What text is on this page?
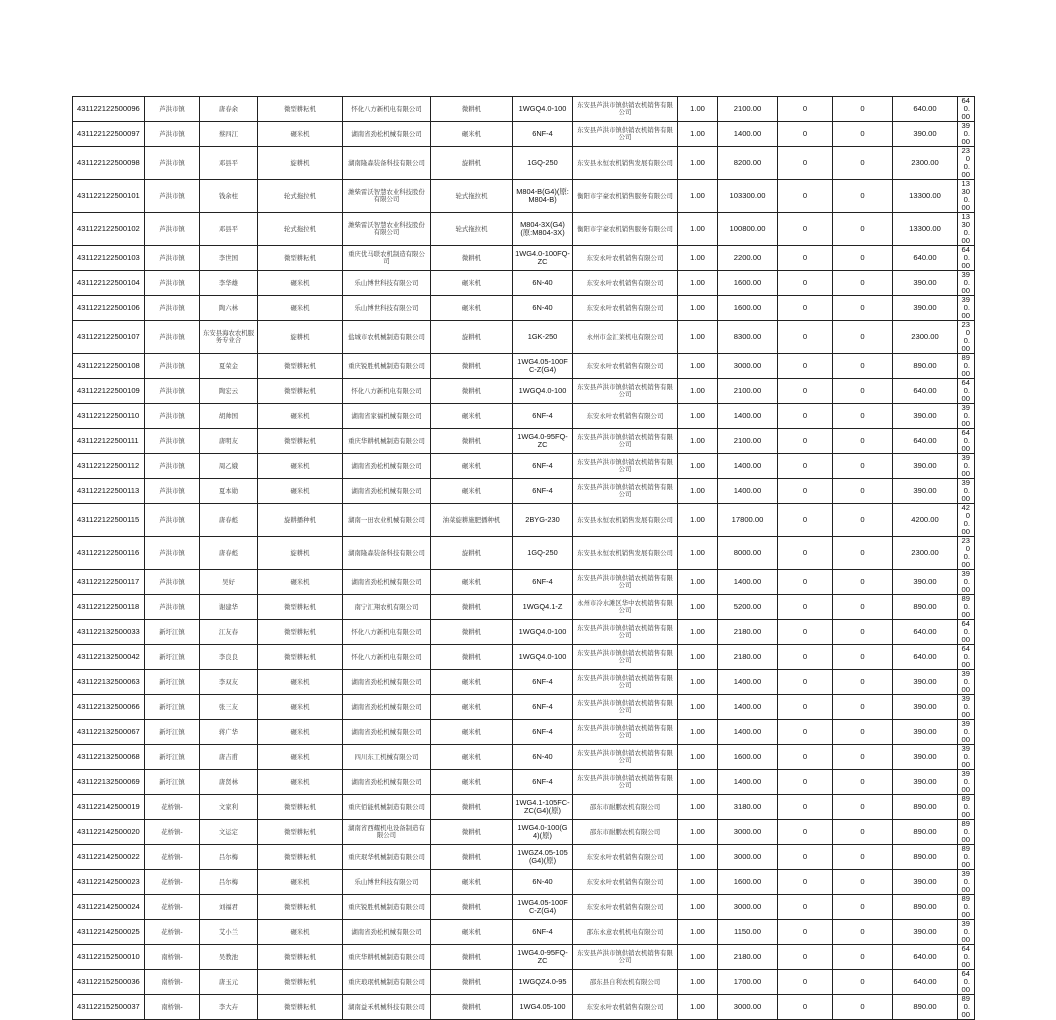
431122122500096	芦洪市镇	唐春余	微型耕耘机	怀化八方新机电有限公司	微耕机	1WGQ4.0-100	东安县芦洪市镇供销农机销售有限公司	1.00	2100.00	0	0	640.00	640.00
431122122500097	芦洪市镇	蔡四江	碾米机	湖南省劲松机械有限公司	碾米机	6NF-4	东安县芦洪市镇供销农机销售有限公司	1.00	1400.00	0	0	390.00	390.00
431122122500098	芦洪市镇	邓县平	旋耕机	湖南隆森装备科技有限公司	旋耕机	1GQ-250	东安县永恒农机销售发展有限公司	1.00	8200.00	0	0	2300.00	2300.00
431122122500101	芦洪市镇	钱余柱	轮式拖拉机	潍柴雷沃智慧农业科技股份有限公司	轮式拖拉机	M804-B(G4)(原:M804-B)	衡阳市宇豪农机销售服务有限公司	1.00	103300.00	0	0	13300.00	13300.00
431122122500102	芦洪市镇	邓县平	轮式拖拉机	潍柴雷沃智慧农业科技股份有限公司	轮式拖拉机	M804-3X(G4)(原:M804-3X)	衡阳市宇豪农机销售服务有限公司	1.00	100800.00	0	0	13300.00	13300.00
431122122500103	芦洪市镇	李世国	微型耕耘机	重庆优马联农机制造有限公司	微耕机	1WG4.0-100FQ-ZC	东安永叶农机销售有限公司	1.00	2200.00	0	0	640.00	640.00
431122122500104	芦洪市镇	李华雄	碾米机	乐山博世科技有限公司	碾米机	6N-40	东安永叶农机销售有限公司	1.00	1600.00	0	0	390.00	390.00
431122122500106	芦洪市镇	陶六林	碾米机	乐山博世科技有限公司	碾米机	6N-40	东安永叶农机销售有限公司	1.00	1600.00	0	0	390.00	390.00
431122122500107	芦洪市镇	东安县海农农机服务专业合	旋耕机	盐城市农机械制造有限公司	旋耕机	1GK-250	永州市金汇莱机电有限公司	1.00	8300.00	0	0	2300.00	2300.00
431122122500108	芦洪市镇	夏荣金	微型耕耘机	重庆锐胜机械制造有限公司	微耕机	1WG4.05-100FC-Z(G4)	东安永叶农机销售有限公司	1.00	3000.00	0	0	890.00	890.00
431122122500109	芦洪市镇	陶宏云	微型耕耘机	怀化八方新机电有限公司	微耕机	1WGQ4.0-100	东安县芦洪市镇供销农机销售有限公司	1.00	2100.00	0	0	640.00	640.00
431122122500110	芦洪市镇	胡帅国	碾米机	湖南省家福机械有限公司	碾米机	6NF-4	东安永叶农机销售有限公司	1.00	1400.00	0	0	390.00	390.00
431122122500111	芦洪市镇	唐明友	微型耕耘机	重庆华耕机械制造有限公司	微耕机	1WG4.0-95FQ-ZC	东安县芦洪市镇供销农机销售有限公司	1.00	2100.00	0	0	640.00	640.00
431122122500112	芦洪市镇	周乙娥	碾米机	湖南省劲松机械有限公司	碾米机	6NF-4	东安县芦洪市镇供销农机销售有限公司	1.00	1400.00	0	0	390.00	390.00
431122122500113	芦洪市镇	夏本勋	碾米机	湖南省劲松机械有限公司	碾米机	6NF-4	东安县芦洪市镇供销农机销售有限公司	1.00	1400.00	0	0	390.00	390.00
431122122500115	芦洪市镇	唐春彪	旋耕播种机	湖南一田农业机械有限公司	油菜旋耕施肥播种机	2BYG-230	东安县永恒农机销售发展有限公司	1.00	17800.00	0	0	4200.00	4200.00
431122122500116	芦洪市镇	唐春彪	旋耕机	湖南隆森装备科技有限公司	旋耕机	1GQ-250	东安县永恒农机销售发展有限公司	1.00	8000.00	0	0	2300.00	2300.00
431122122500117	芦洪市镇	吴好	碾米机	湖南省劲松机械有限公司	碾米机	6NF-4	东安县芦洪市镇供销农机销售有限公司	1.00	1400.00	0	0	390.00	390.00
431122122500118	芦洪市镇	谢建华	微型耕耘机	南宁汇翔农机有限公司	微耕机	1WGQ4.1-Z	永州市冷水滩区华中农机销售有限公司	1.00	5200.00	0	0	890.00	890.00
431122132500033	新圩江镇	江友春	微型耕耘机	怀化八方新机电有限公司	微耕机	1WGQ4.0-100	东安县芦洪市镇供销农机销售有限公司	1.00	2180.00	0	0	640.00	640.00
431122132500042	新圩江镇	李良良	微型耕耘机	怀化八方新机电有限公司	微耕机	1WGQ4.0-100	东安县芦洪市镇供销农机销售有限公司	1.00	2180.00	0	0	640.00	640.00
431122132500063	新圩江镇	李双友	碾米机	湖南省劲松机械有限公司	碾米机	6NF-4	东安县芦洪市镇供销农机销售有限公司	1.00	1400.00	0	0	390.00	390.00
431122132500066	新圩江镇	张三友	碾米机	湖南省劲松机械有限公司	碾米机	6NF-4	东安县芦洪市镇供销农机销售有限公司	1.00	1400.00	0	0	390.00	390.00
431122132500067	新圩江镇	蒋广华	碾米机	湖南省劲松机械有限公司	碾米机	6NF-4	东安县芦洪市镇供销农机销售有限公司	1.00	1400.00	0	0	390.00	390.00
431122132500068	新圩江镇	唐吉甫	碾米机	四川东工机械有限公司	碾米机	6N-40	东安县芦洪市镇供销农机销售有限公司	1.00	1600.00	0	0	390.00	390.00
431122132500069	新圩江镇	唐贤林	碾米机	湖南省劲松机械有限公司	碾米机	6NF-4	东安县芦洪市镇供销农机销售有限公司	1.00	1400.00	0	0	390.00	390.00
431122142500019	花桥镇-	文家利	微型耕耘机	重庆佰能机械制造有限公司	微耕机	1WG4.1-105FC-ZC(G4)(原)	邵东市耐鹏农机有限公司	1.00	3180.00	0	0	890.00	890.00
431122142500020	花桥镇-	文运定	微型耕耘机	湖南省西耀机电设备制造有限公司	微耕机	1WG4.0-100(G4)(原)	邵东市耐鹏农机有限公司	1.00	3000.00	0	0	890.00	890.00
431122142500022	花桥镇-	吕尔梅	微型耕耘机	重庆珉华机械制造有限公司	微耕机	1WGZ4.05-105(G4)(原)	东安永叶农机销售有限公司	1.00	3000.00	0	0	890.00	890.00
431122142500023	花桥镇-	吕尔梅	碾米机	乐山博世科技有限公司	碾米机	6N-40	东安永叶农机销售有限公司	1.00	1600.00	0	0	390.00	390.00
431122142500024	花桥镇-	刘福君	微型耕耘机	重庆锐胜机械制造有限公司	微耕机	1WG4.05-100FC-Z(G4)	东安永叶农机销售有限公司	1.00	3000.00	0	0	890.00	890.00
431122142500025	花桥镇-	艾小兰	碾米机	湖南省劲松机械有限公司	碾米机	6NF-4	邵东永意农机机电有限公司	1.00	1150.00	0	0	390.00	390.00
431122152500010	南桥镇-	吴教池	微型耕耘机	重庆华耕机械制造有限公司	微耕机	1WG4.0-95FQ-ZC	东安县芦洪市镇供销农机销售有限公司	1.00	2180.00	0	0	640.00	640.00
431122152500036	南桥镇-	唐玉元	微型耕耘机	重庆琅珉机械制造有限公司	微耕机	1WGQZ4.0-95	邵东县自利农机有限公司	1.00	1700.00	0	0	640.00	640.00
431122152500037	南桥镇-	李大卉	微型耕耘机	湖南益禾机械科技有限公司	微耕机	1WG4.05-100	东安永叶农机销售有限公司	1.00	3000.00	0	0	890.00	890.00
